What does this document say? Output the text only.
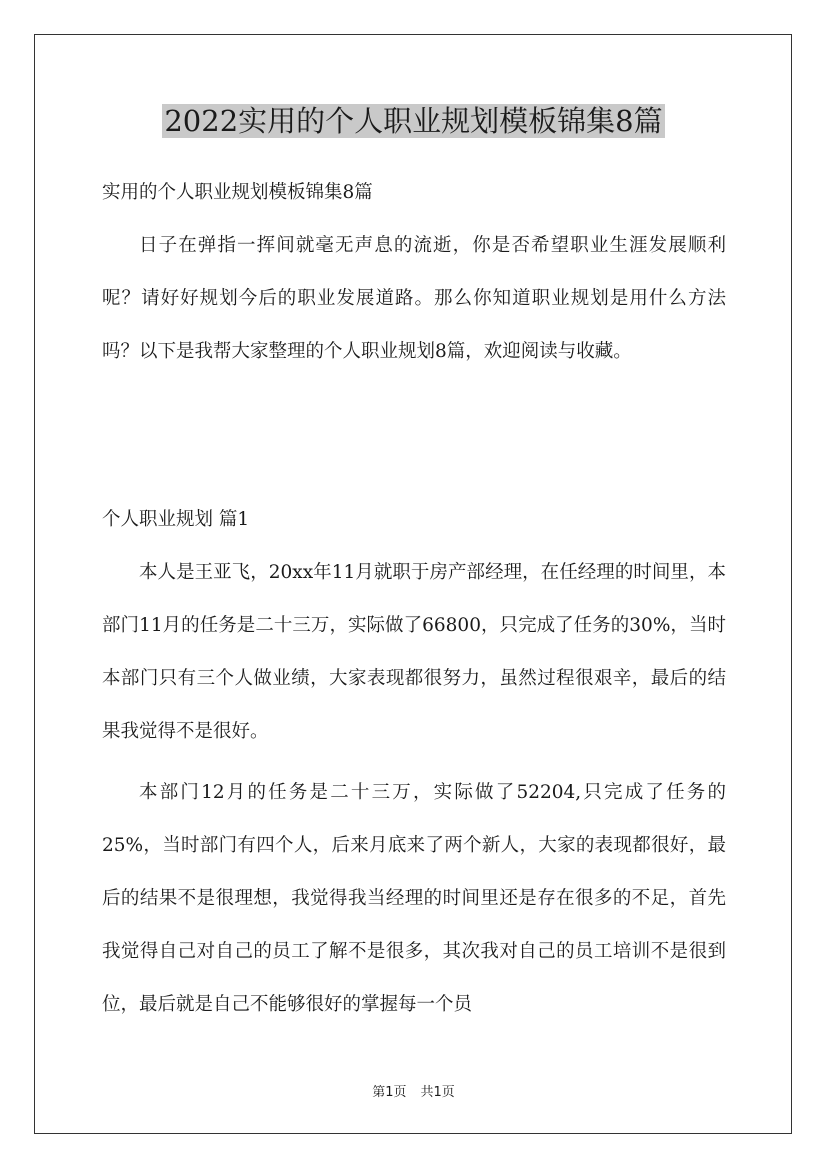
2022实用的个人职业规划模板锦集8篇

实用的个人职业规划模板锦集8篇

日子在弹指一挥间就毫无声息的流逝，你是否希望职业生涯发展顺利呢？请好好规划今后的职业发展道路。那么你知道职业规划是用什么方法吗？以下是我帮大家整理的个人职业规划8篇，欢迎阅读与收藏。

个人职业规划 篇1

本人是王亚飞，20xx年11月就职于房产部经理，在任经理的时间里，本部门11月的任务是二十三万，实际做了66800，只完成了任务的30%，当时本部门只有三个人做业绩，大家表现都很努力，虽然过程很艰辛，最后的结果我觉得不是很好。

本部门12月的任务是二十三万，实际做了52204,只完成了任务的25%，当时部门有四个人，后来月底来了两个新人，大家的表现都很好，最后的结果不是很理想，我觉得我当经理的时间里还是存在很多的不足，首先我觉得自己对自己的员工了解不是很多，其次我对自己的员工培训不是很到位，最后就是自己不能够很好的掌握每一个员

第1页 共1页
